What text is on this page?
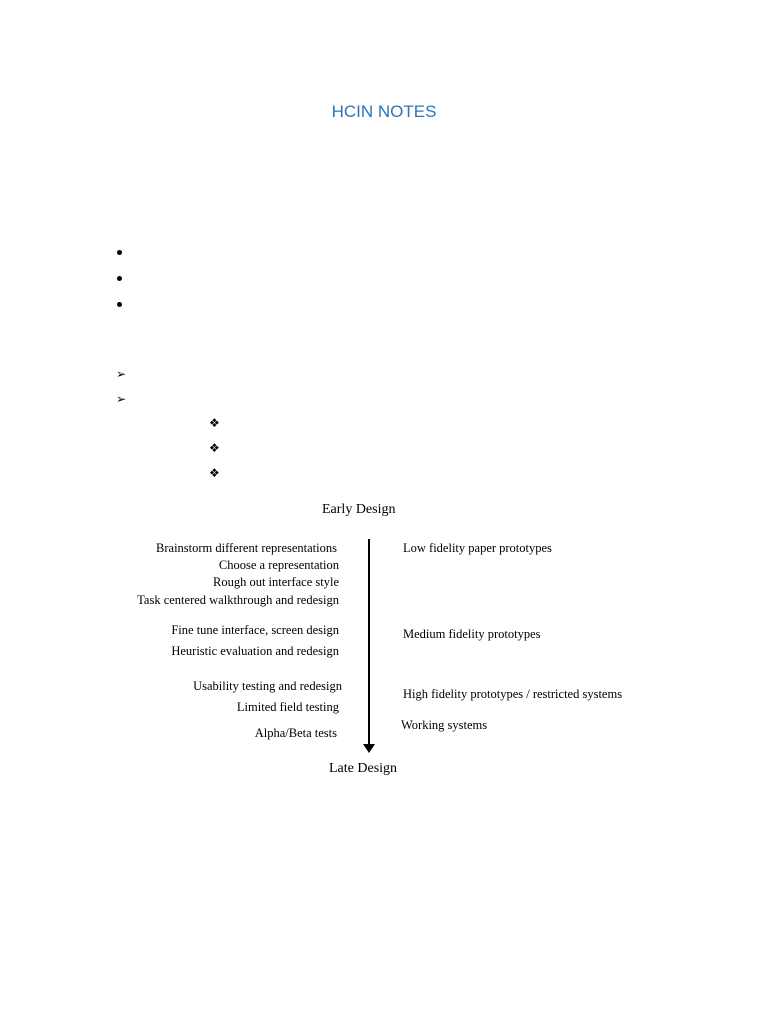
HCIN NOTES
➢
➢
❖
❖
❖
Early Design
Brainstorm different representations
Choose a representation
Rough out interface style
Task centered walkthrough and redesign
Fine tune interface, screen design
Heuristic evaluation and redesign
Usability testing and redesign
Limited field testing
Alpha/Beta tests
Low fidelity paper prototypes
Medium fidelity prototypes
High fidelity prototypes / restricted systems
Working systems
Late Design
